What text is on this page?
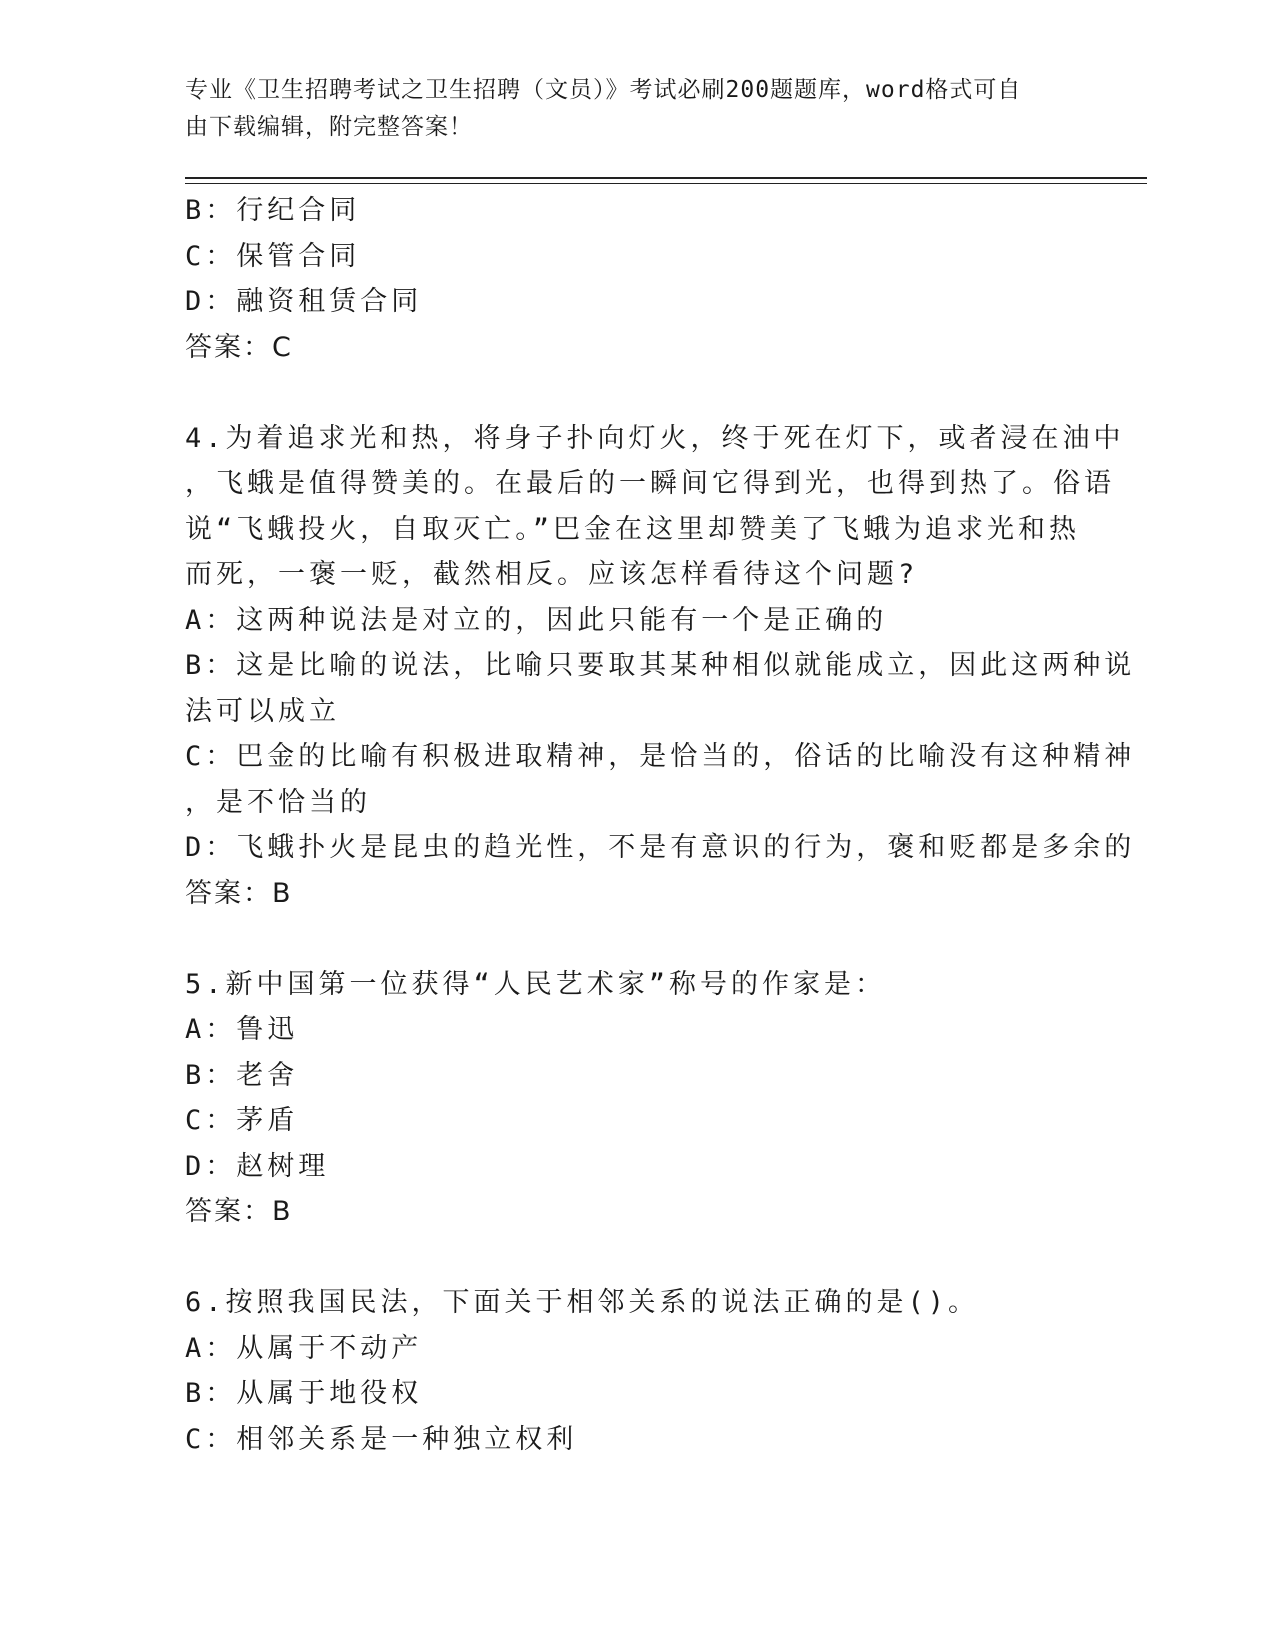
专业《卫生招聘考试之卫生招聘（文员）》考试必刷200题题库，word格式可自
由下载编辑，附完整答案！
B：行纪合同
C：保管合同
D：融资租赁合同
答案：C
4.为着追求光和热，将身子扑向灯火，终于死在灯下，或者浸在油中
，飞蛾是值得赞美的。在最后的一瞬间它得到光，也得到热了。俗语
说“飞蛾投火，自取灭亡。”巴金在这里却赞美了飞蛾为追求光和热
而死，一褒一贬，截然相反。应该怎样看待这个问题?
A：这两种说法是对立的，因此只能有一个是正确的
B：这是比喻的说法，比喻只要取其某种相似就能成立，因此这两种说
法可以成立
C：巴金的比喻有积极进取精神，是恰当的，俗话的比喻没有这种精神
，是不恰当的
D：飞蛾扑火是昆虫的趋光性，不是有意识的行为，褒和贬都是多余的
答案：B
5.新中国第一位获得“人民艺术家”称号的作家是：
A：鲁迅
B：老舍
C：茅盾
D：赵树理
答案：B
6.按照我国民法，下面关于相邻关系的说法正确的是()。
A：从属于不动产
B：从属于地役权
C：相邻关系是一种独立权利
